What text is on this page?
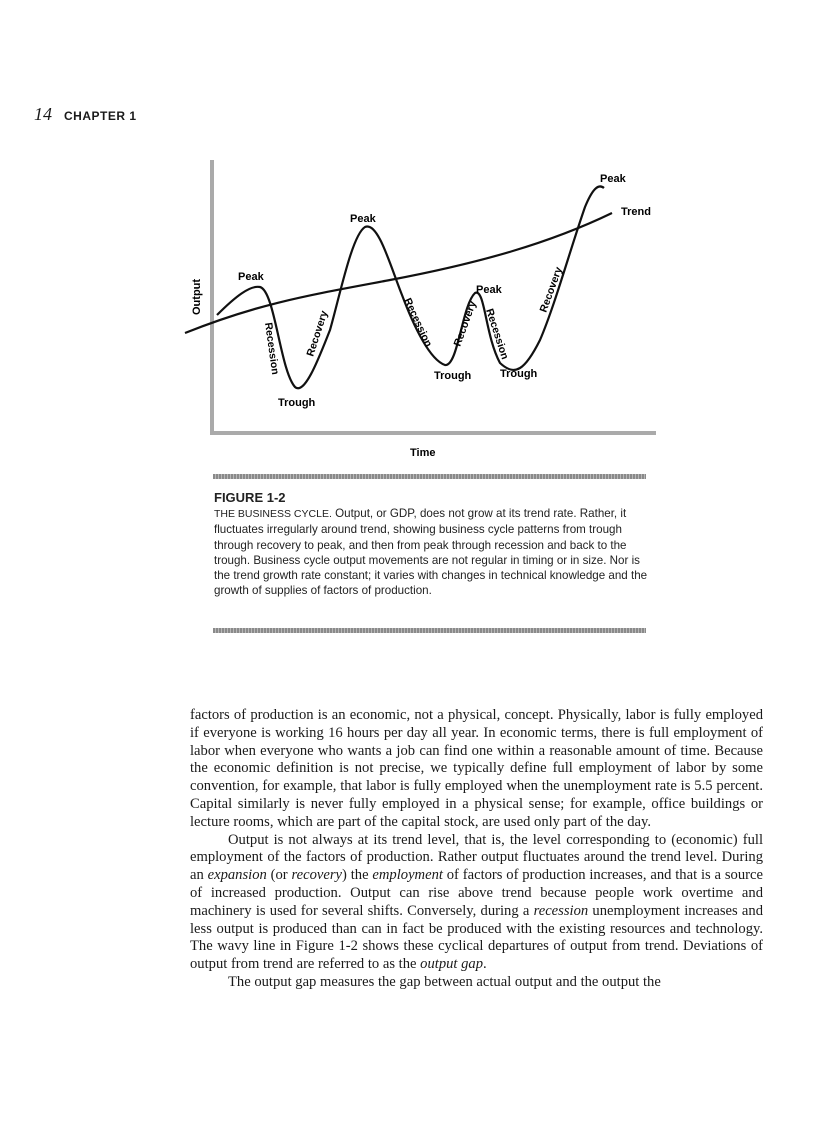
14 CHAPTER 1
Peak
Peak
Peak
Peak
Trough
Trough	Trough
Trend
Recession Recovery	Recession Recovery Recession
Recovery
Output
Time
FIGURE 1-2
THE BUSINESS CYCLE. Output, or GDP, does not grow at its trend rate. Rather, it fluctuates irregularly around trend, showing business cycle patterns from trough through recovery to peak, and then from peak through recession and back to the trough. Business cycle output movements are not regular in timing or in size. Nor is the trend growth rate constant; it varies with changes in technical knowledge and the growth of supplies of factors of production.

factors of production is an economic, not a physical, concept. Physically, labor is fully employed if everyone is working 16 hours per day all year. In economic terms, there is full employment of labor when everyone who wants a job can find one within a reasonable amount of time. Because the economic definition is not precise, we typically define full employment of labor by some convention, for example, that labor is fully employed when the unemployment rate is 5.5 percent. Capital similarly is never fully employed in a physical sense; for example, office buildings or lecture rooms, which are part of the capital stock, are used only part of the day.

Output is not always at its trend level, that is, the level corresponding to (economic) full employment of the factors of production. Rather output fluctuates around the trend level. During an expansion (or recovery) the employment of factors of production increases, and that is a source of increased production. Output can rise above trend because people work overtime and machinery is used for several shifts. Conversely, during a recession unemployment increases and less output is produced than can in fact be produced with the existing resources and technology. The wavy line in Figure 1-2 shows these cyclical departures of output from trend. Deviations of output from trend are referred to as the output gap.

The output gap measures the gap between actual output and the output the
